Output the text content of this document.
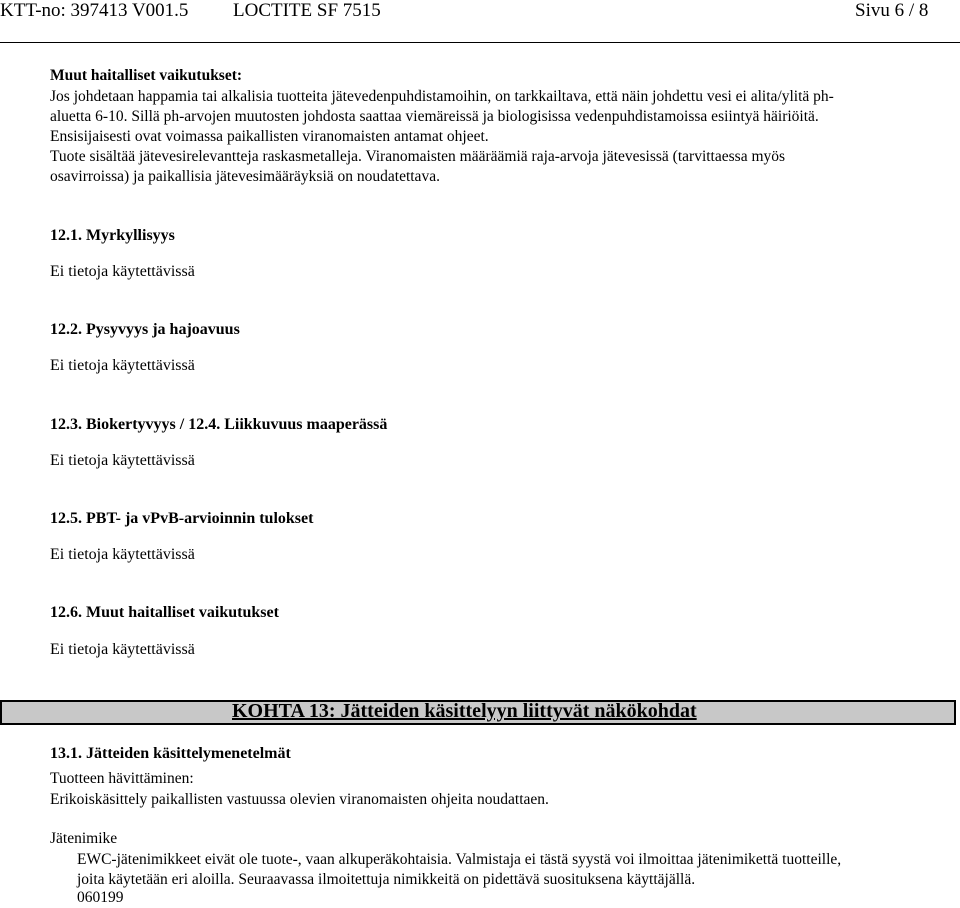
KTT-no: 397413 V001.5 LOCTITE SF 7515	Sivu 6 / 8
Muut haitalliset vaikutukset:
Jos johdetaan happamia tai alkalisia tuotteita jätevedenpuhdistamoihin, on tarkkailtava, että näin johdettu vesi ei alita/ylitä ph-
aluetta 6-10. Sillä ph-arvojen muutosten johdosta saattaa viemäreissä ja biologisissa vedenpuhdistamoissa esiintyä häiriöitä.
Ensisijaisesti ovat voimassa paikallisten viranomaisten antamat ohjeet.
Tuote sisältää jätevesirelevantteja raskasmetalleja. Viranomaisten määräämiä raja-arvoja jätevesissä (tarvittaessa myös
osavirroissa) ja paikallisia jätevesimääräyksiä on noudatettava.
12.1. Myrkyllisyys
Ei tietoja käytettävissä
12.2. Pysyvyys ja hajoavuus
Ei tietoja käytettävissä
12.3. Biokertyvyys / 12.4. Liikkuvuus maaperässä
Ei tietoja käytettävissä
12.5. PBT- ja vPvB-arvioinnin tulokset
Ei tietoja käytettävissä
12.6. Muut haitalliset vaikutukset
Ei tietoja käytettävissä
KOHTA 13: Jätteiden käsittelyyn liittyvät näkökohdat
13.1. Jätteiden käsittelymenetelmät
Tuotteen hävittäminen:
Erikoiskäsittely paikallisten vastuussa olevien viranomaisten ohjeita noudattaen.
Jätenimike
EWC-jätenimikkeet eivät ole tuote-, vaan alkuperäkohtaisia. Valmistaja ei tästä syystä voi ilmoittaa jätenimikettä tuotteille,
joita käytetään eri aloilla. Seuraavassa ilmoitettuja nimikkeitä on pidettävä suosituksena käyttäjällä.
060199
